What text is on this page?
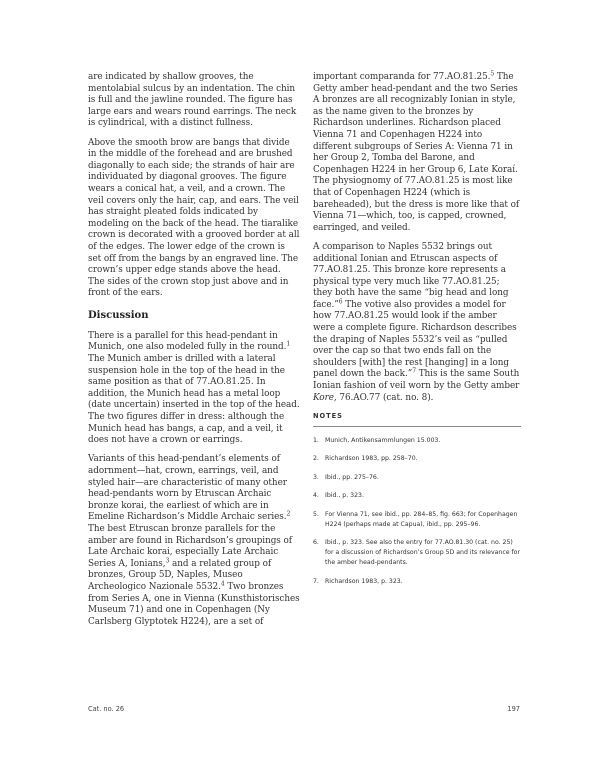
are indicated by shallow grooves, the mentolabial sulcus by an indentation. The chin is full and the jawline rounded. The figure has large ears and wears round earrings. The neck is cylindrical, with a distinct fullness.

Above the smooth brow are bangs that divide in the middle of the forehead and are brushed diagonally to each side; the strands of hair are individuated by diagonal grooves. The figure wears a conical hat, a veil, and a crown. The veil covers only the hair, cap, and ears. The veil has straight pleated folds indicated by modeling on the back of the head. The tiaralike crown is decorated with a grooved border at all of the edges. The lower edge of the crown is set off from the bangs by an engraved line. The crown’s upper edge stands above the head. The sides of the crown stop just above and in front of the ears.

Discussion

There is a parallel for this head-pendant in Munich, one also modeled fully in the round.$^1$ The Munich amber is drilled with a lateral suspension hole in the top of the head in the same position as that of 77.AO.81.25. In addition, the Munich head has a metal loop (date uncertain) inserted in the top of the head. The two figures differ in dress: although the Munich head has bangs, a cap, and a veil, it does not have a crown or earrings.

Variants of this head-pendant’s elements of adornment—hat, crown, earrings, veil, and styled hair—are characteristic of many other head-pendants worn by Etruscan Archaic bronze korai, the earliest of which are in Emeline Richardson’s Middle Archaic series.$^2$ The best Etruscan bronze parallels for the amber are found in Richardson’s groupings of Late Archaic korai, especially Late Archaic Series A, Ionians,$^3$ and a related group of bronzes, Group 5D, Naples, Museo Archeologico Nazionale 5532.$^4$ Two bronzes from Series A, one in Vienna (Kunsthistorisches Museum 71) and one in Copenhagen (Ny Carlsberg Glyptotek H224), are a set of

important comparanda for 77.AO.81.25.$^5$ The Getty amber head-pendant and the two Series A bronzes are all recognizably Ionian in style, as the name given to the bronzes by Richardson underlines. Richardson placed Vienna 71 and Copenhagen H224 into different subgroups of Series A: Vienna 71 in her Group 2, Tomba del Barone, and Copenhagen H224 in her Group 6, Late Koraí. The physiognomy of 77.AO.81.25 is most like that of Copenhagen H224 (which is bareheaded), but the dress is more like that of Vienna 71—which, too, is capped, crowned, earringed, and veiled.

A comparison to Naples 5532 brings out additional Ionian and Etruscan aspects of 77.AO.81.25. This bronze kore represents a physical type very much like 77.AO.81.25; they both have the same “big head and long face.”$^6$ The votive also provides a model for how 77.AO.81.25 would look if the amber were a complete figure. Richardson describes the draping of Naples 5532’s veil as “pulled over the cap so that two ends fall on the shoulders [with] the rest [hanging] in a long panel down the back.”$^7$ This is the same South Ionian fashion of veil worn by the Getty amber Kore, 76.AO.77 (cat. no. 8).

NOTES
1. Munich, Antikensammlungen 15.003.
2. Richardson 1983, pp. 258–70.
3. Ibid., pp. 275–76.
4. Ibid., p. 323.
5. For Vienna 71, see ibid., pp. 284–85, fig. 663; for Copenhagen H224 (perhaps made at Capua), ibid., pp. 295–96.
6. Ibid., p. 323. See also the entry for 77.AO.81.30 (cat. no. 25) for a discussion of Richardson’s Group 5D and its relevance for the amber head-pendants.
7. Richardson 1983, p. 323.
Cat. no. 26	197
